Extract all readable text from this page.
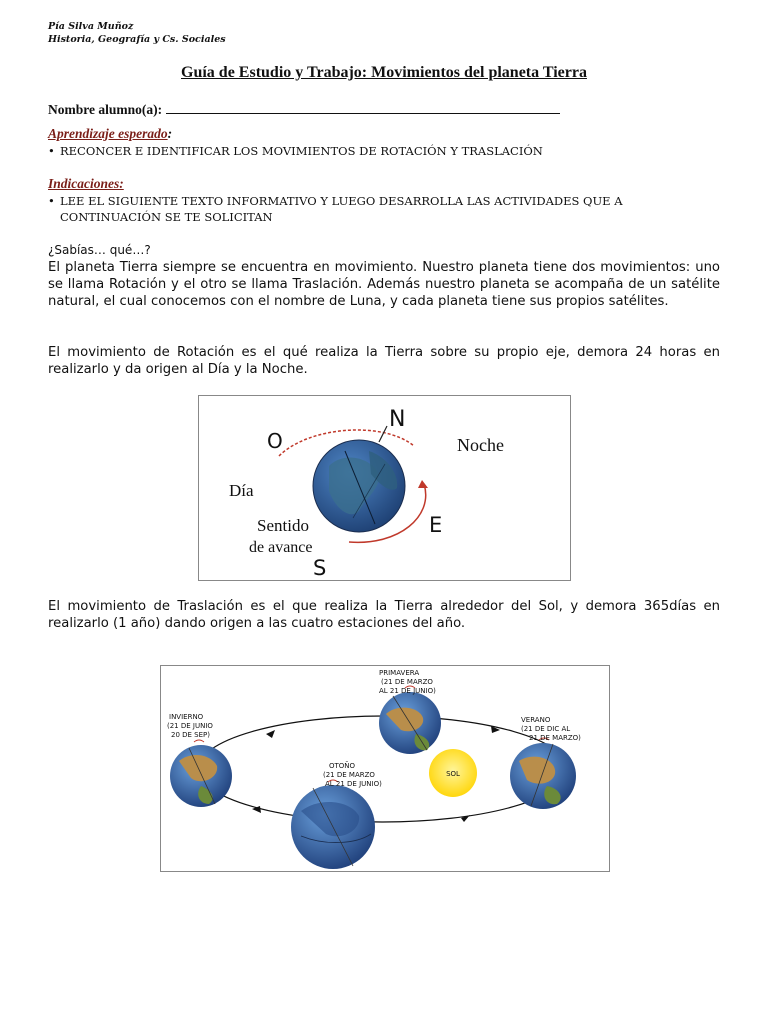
Pía Silva Muñoz
Historia, Geografía y Cs. Sociales
Guía de Estudio y Trabajo: Movimientos del planeta Tierra
Nombre alumno(a):
Aprendizaje esperado:
• RECONCER E IDENTIFICAR LOS MOVIMIENTOS DE ROTACIÓN Y TRASLACIÓN
Indicaciones:
• LEE EL SIGUIENTE TEXTO INFORMATIVO Y LUEGO DESARROLLA LAS ACTIVIDADES QUE A
CONTINUACIÓN SE TE SOLICITAN
¿Sabías… qué…?
El planeta Tierra siempre se encuentra en movimiento. Nuestro planeta tiene dos movimientos: uno se llama Rotación y el otro se llama Traslación. Además nuestro planeta se acompaña de un satélite natural, el cual conocemos con el nombre de Luna, y cada planeta tiene sus propios satélites.
El movimiento de Rotación es el qué realiza la Tierra sobre su propio eje, demora 24 horas en realizarlo y da origen al Día y la Noche.
N
O	Noche
Día
E
Sentido
de avance
S
El movimiento de Traslación es el que realiza la Tierra alrededor del Sol, y demora 365días en realizarlo (1 año) dando origen a las cuatro estaciones del año.
SOL
PRIMAVERA
(21 DE MARZO
AL 21 DE JUNIO)
INVIERNO
(21 DE JUNIO
20 DE SEP)
VERANO
(21 DE DIC AL
21 DE MARZO)
OTOÑO
(21 DE MARZO
AL 21 DE JUNIO)
